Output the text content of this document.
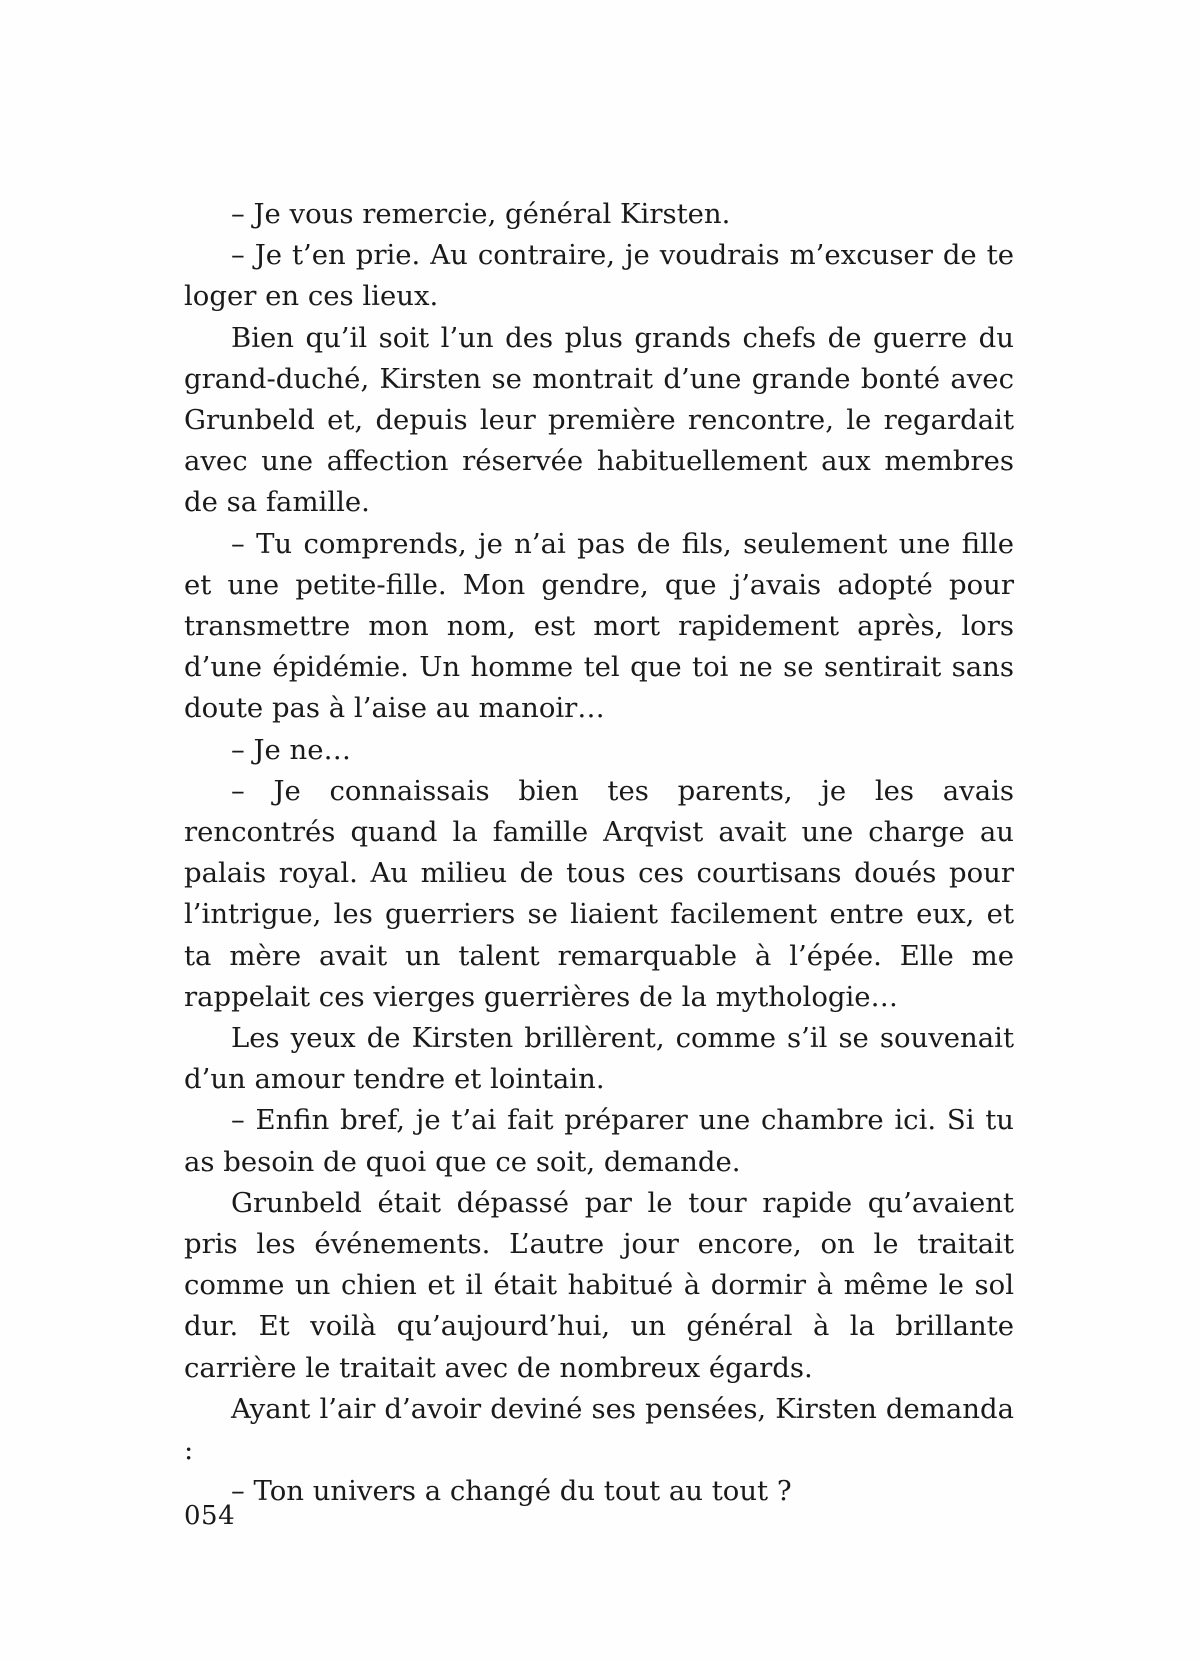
– Je vous remercie, général Kirsten.

– Je t’en prie. Au contraire, je voudrais m’excuser de te loger en ces lieux.

Bien qu’il soit l’un des plus grands chefs de guerre du grand-duché, Kirsten se montrait d’une grande bonté avec Grunbeld et, depuis leur première rencontre, le regardait avec une affection réservée habituellement aux membres de sa famille.

– Tu comprends, je n’ai pas de fils, seulement une fille et une petite-fille. Mon gendre, que j’avais adopté pour transmettre mon nom, est mort rapidement après, lors d’une épidémie. Un homme tel que toi ne se sentirait sans doute pas à l’aise au manoir…

– Je ne…

– Je connaissais bien tes parents, je les avais rencontrés quand la famille Arqvist avait une charge au palais royal. Au milieu de tous ces courtisans doués pour l’intrigue, les guerriers se liaient facilement entre eux, et ta mère avait un talent remarquable à l’épée. Elle me rappelait ces vierges guerrières de la mythologie…

Les yeux de Kirsten brillèrent, comme s’il se souvenait d’un amour tendre et lointain.

– Enfin bref, je t’ai fait préparer une chambre ici. Si tu as besoin de quoi que ce soit, demande.

Grunbeld était dépassé par le tour rapide qu’avaient pris les événements. L’autre jour encore, on le traitait comme un chien et il était habitué à dormir à même le sol dur. Et voilà qu’aujourd’hui, un général à la brillante carrière le traitait avec de nombreux égards.

Ayant l’air d’avoir deviné ses pensées, Kirsten demanda :

– Ton univers a changé du tout au tout ?

054
